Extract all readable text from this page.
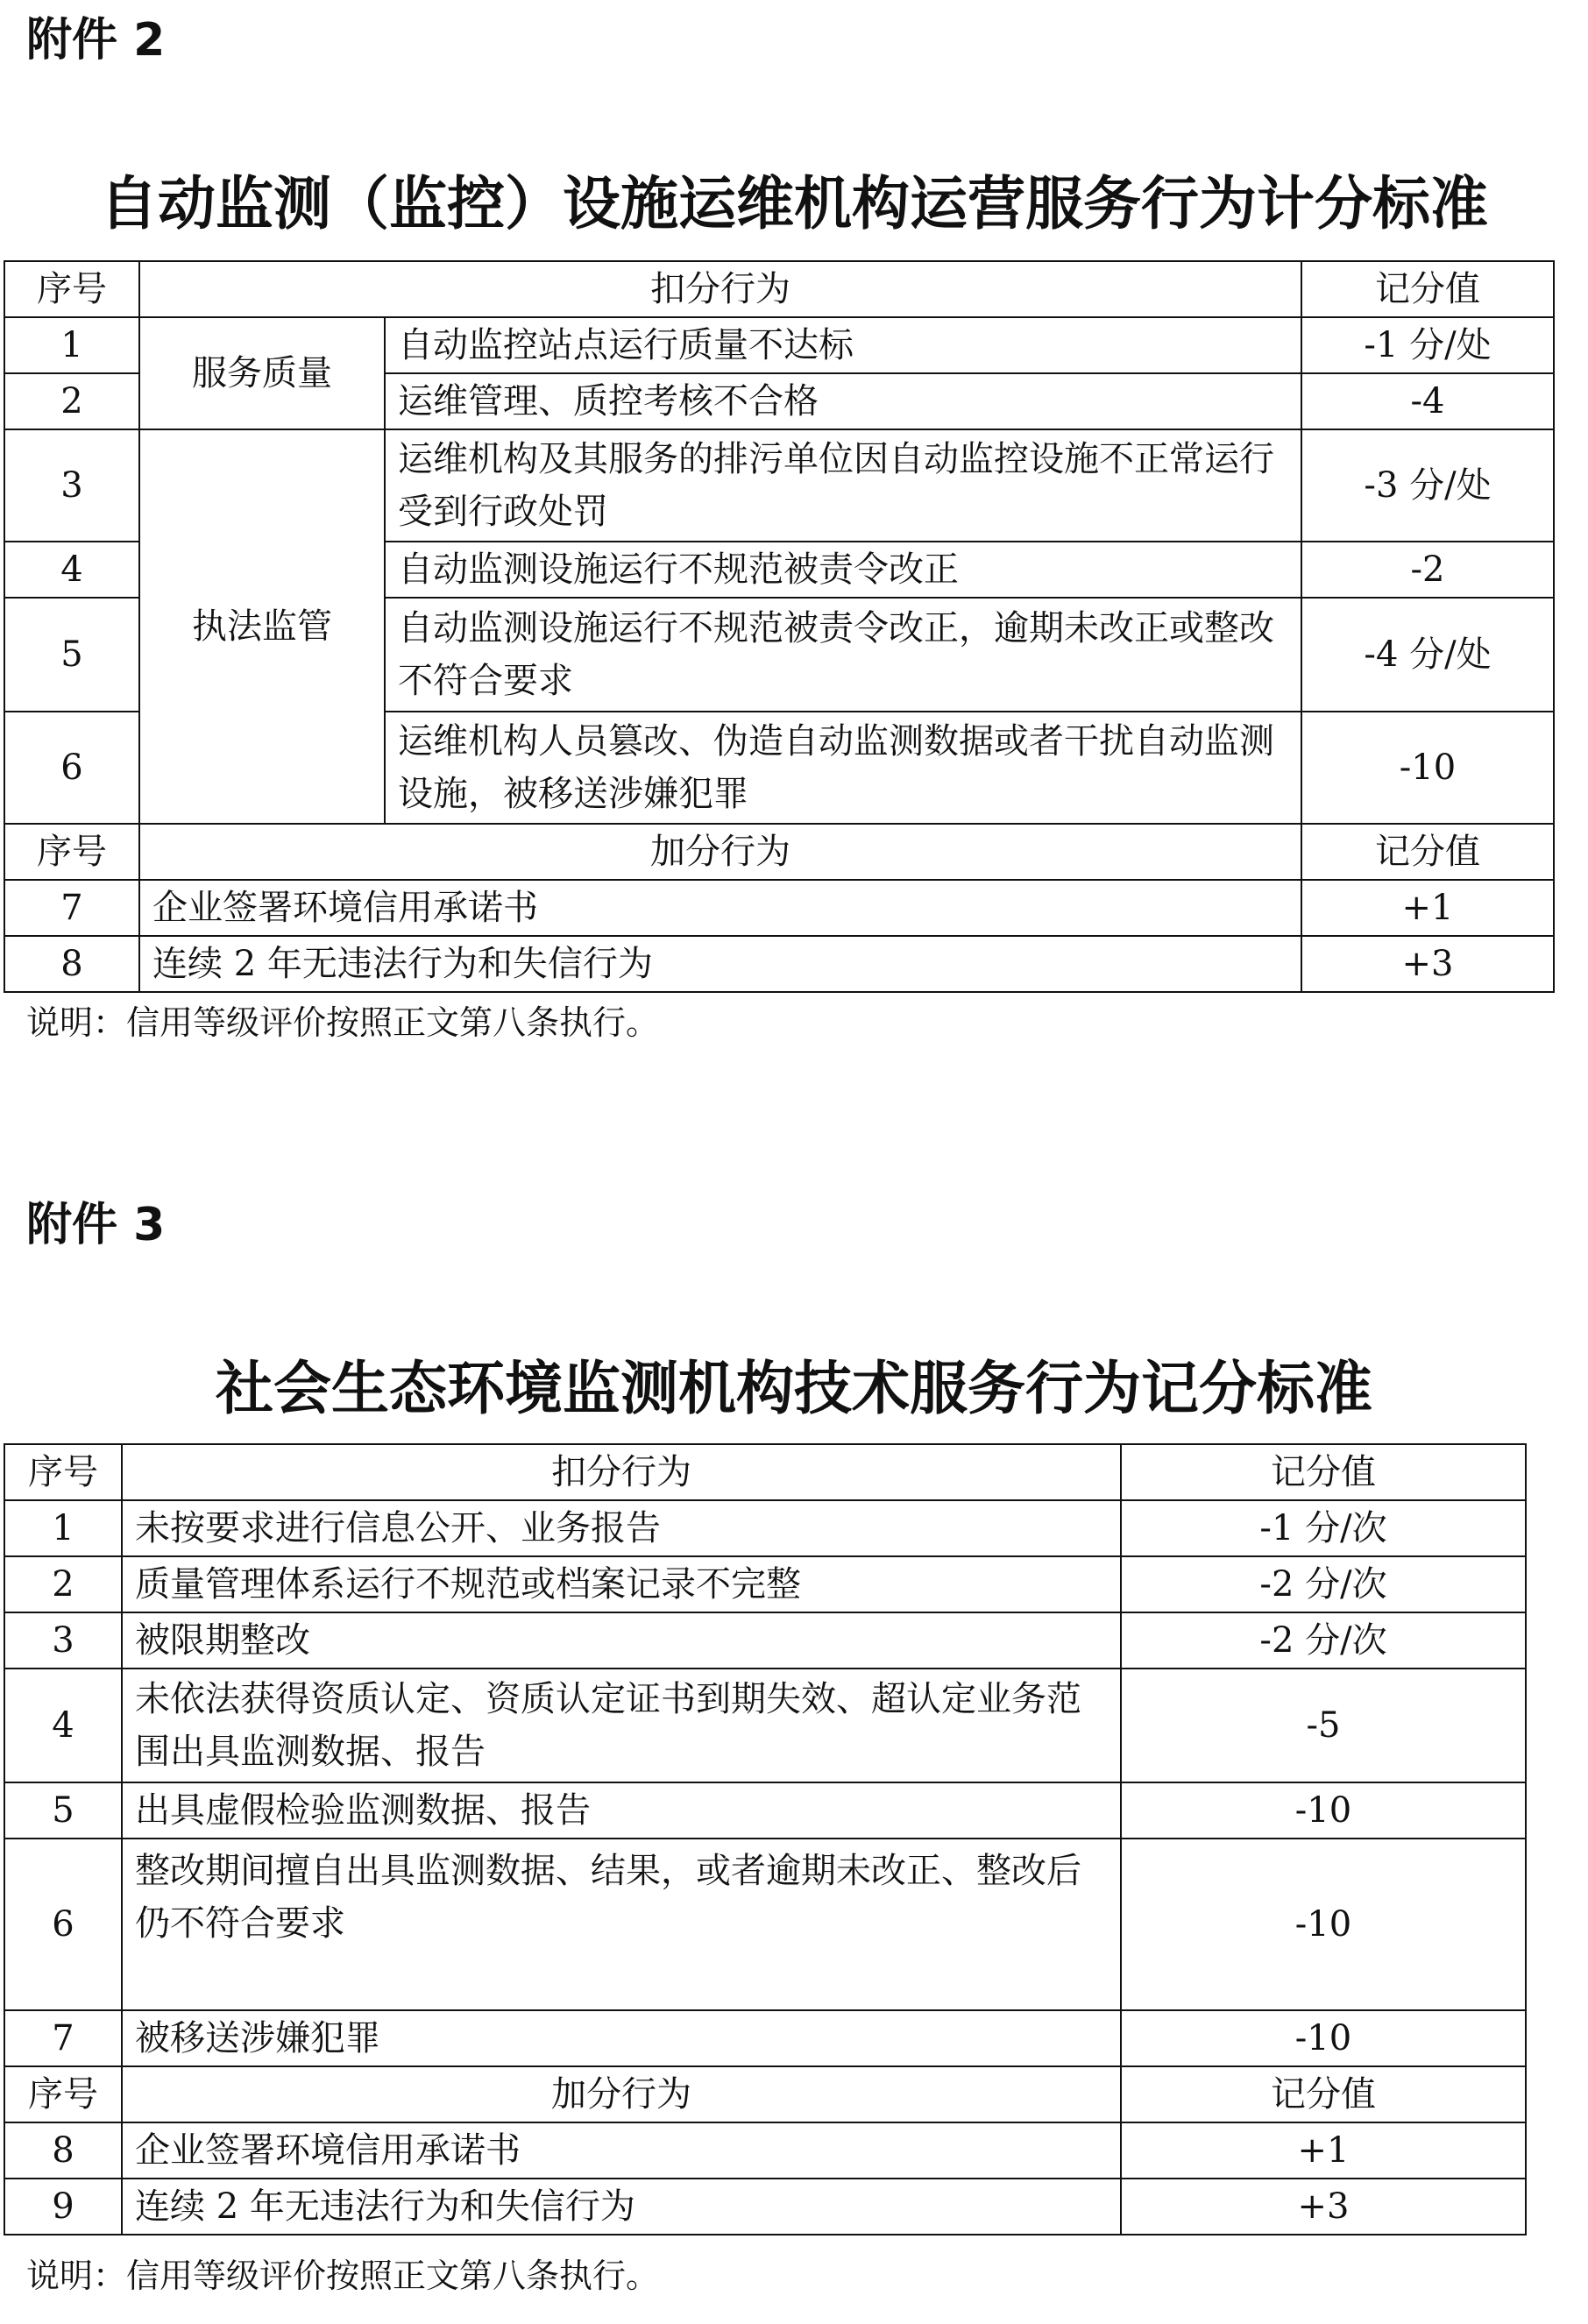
附件 2
自动监测（监控）设施运维机构运营服务行为计分标准
序号	扣分行为		记分值
1	服务质量	自动监控站点运行质量不达标	-1 分/处
2		运维管理、质控考核不合格	-4
3	执法监管	运维机构及其服务的排污单位因自动监控设施不正常运行受到行政处罚	-3 分/处
4		自动监测设施运行不规范被责令改正	-2
5		自动监测设施运行不规范被责令改正，逾期未改正或整改不符合要求	-4 分/处
6		运维机构人员篡改、伪造自动监测数据或者干扰自动监测设施，被移送涉嫌犯罪	-10
序号	加分行为		记分值
7	企业签署环境信用承诺书		+1
8	连续 2 年无违法行为和失信行为		+3
说明：信用等级评价按照正文第八条执行。
附件 3
社会生态环境监测机构技术服务行为记分标准
序号	扣分行为	记分值
1	未按要求进行信息公开、业务报告	-1 分/次
2	质量管理体系运行不规范或档案记录不完整	-2 分/次
3	被限期整改	-2 分/次
4	未依法获得资质认定、资质认定证书到期失效、超认定业务范围出具监测数据、报告	-5
5	出具虚假检验监测数据、报告	-10
6	整改期间擅自出具监测数据、结果，或者逾期未改正、整改后仍不符合要求	-10
7	被移送涉嫌犯罪	-10
序号	加分行为	记分值
8	企业签署环境信用承诺书	+1
9	连续 2 年无违法行为和失信行为	+3
说明：信用等级评价按照正文第八条执行。
